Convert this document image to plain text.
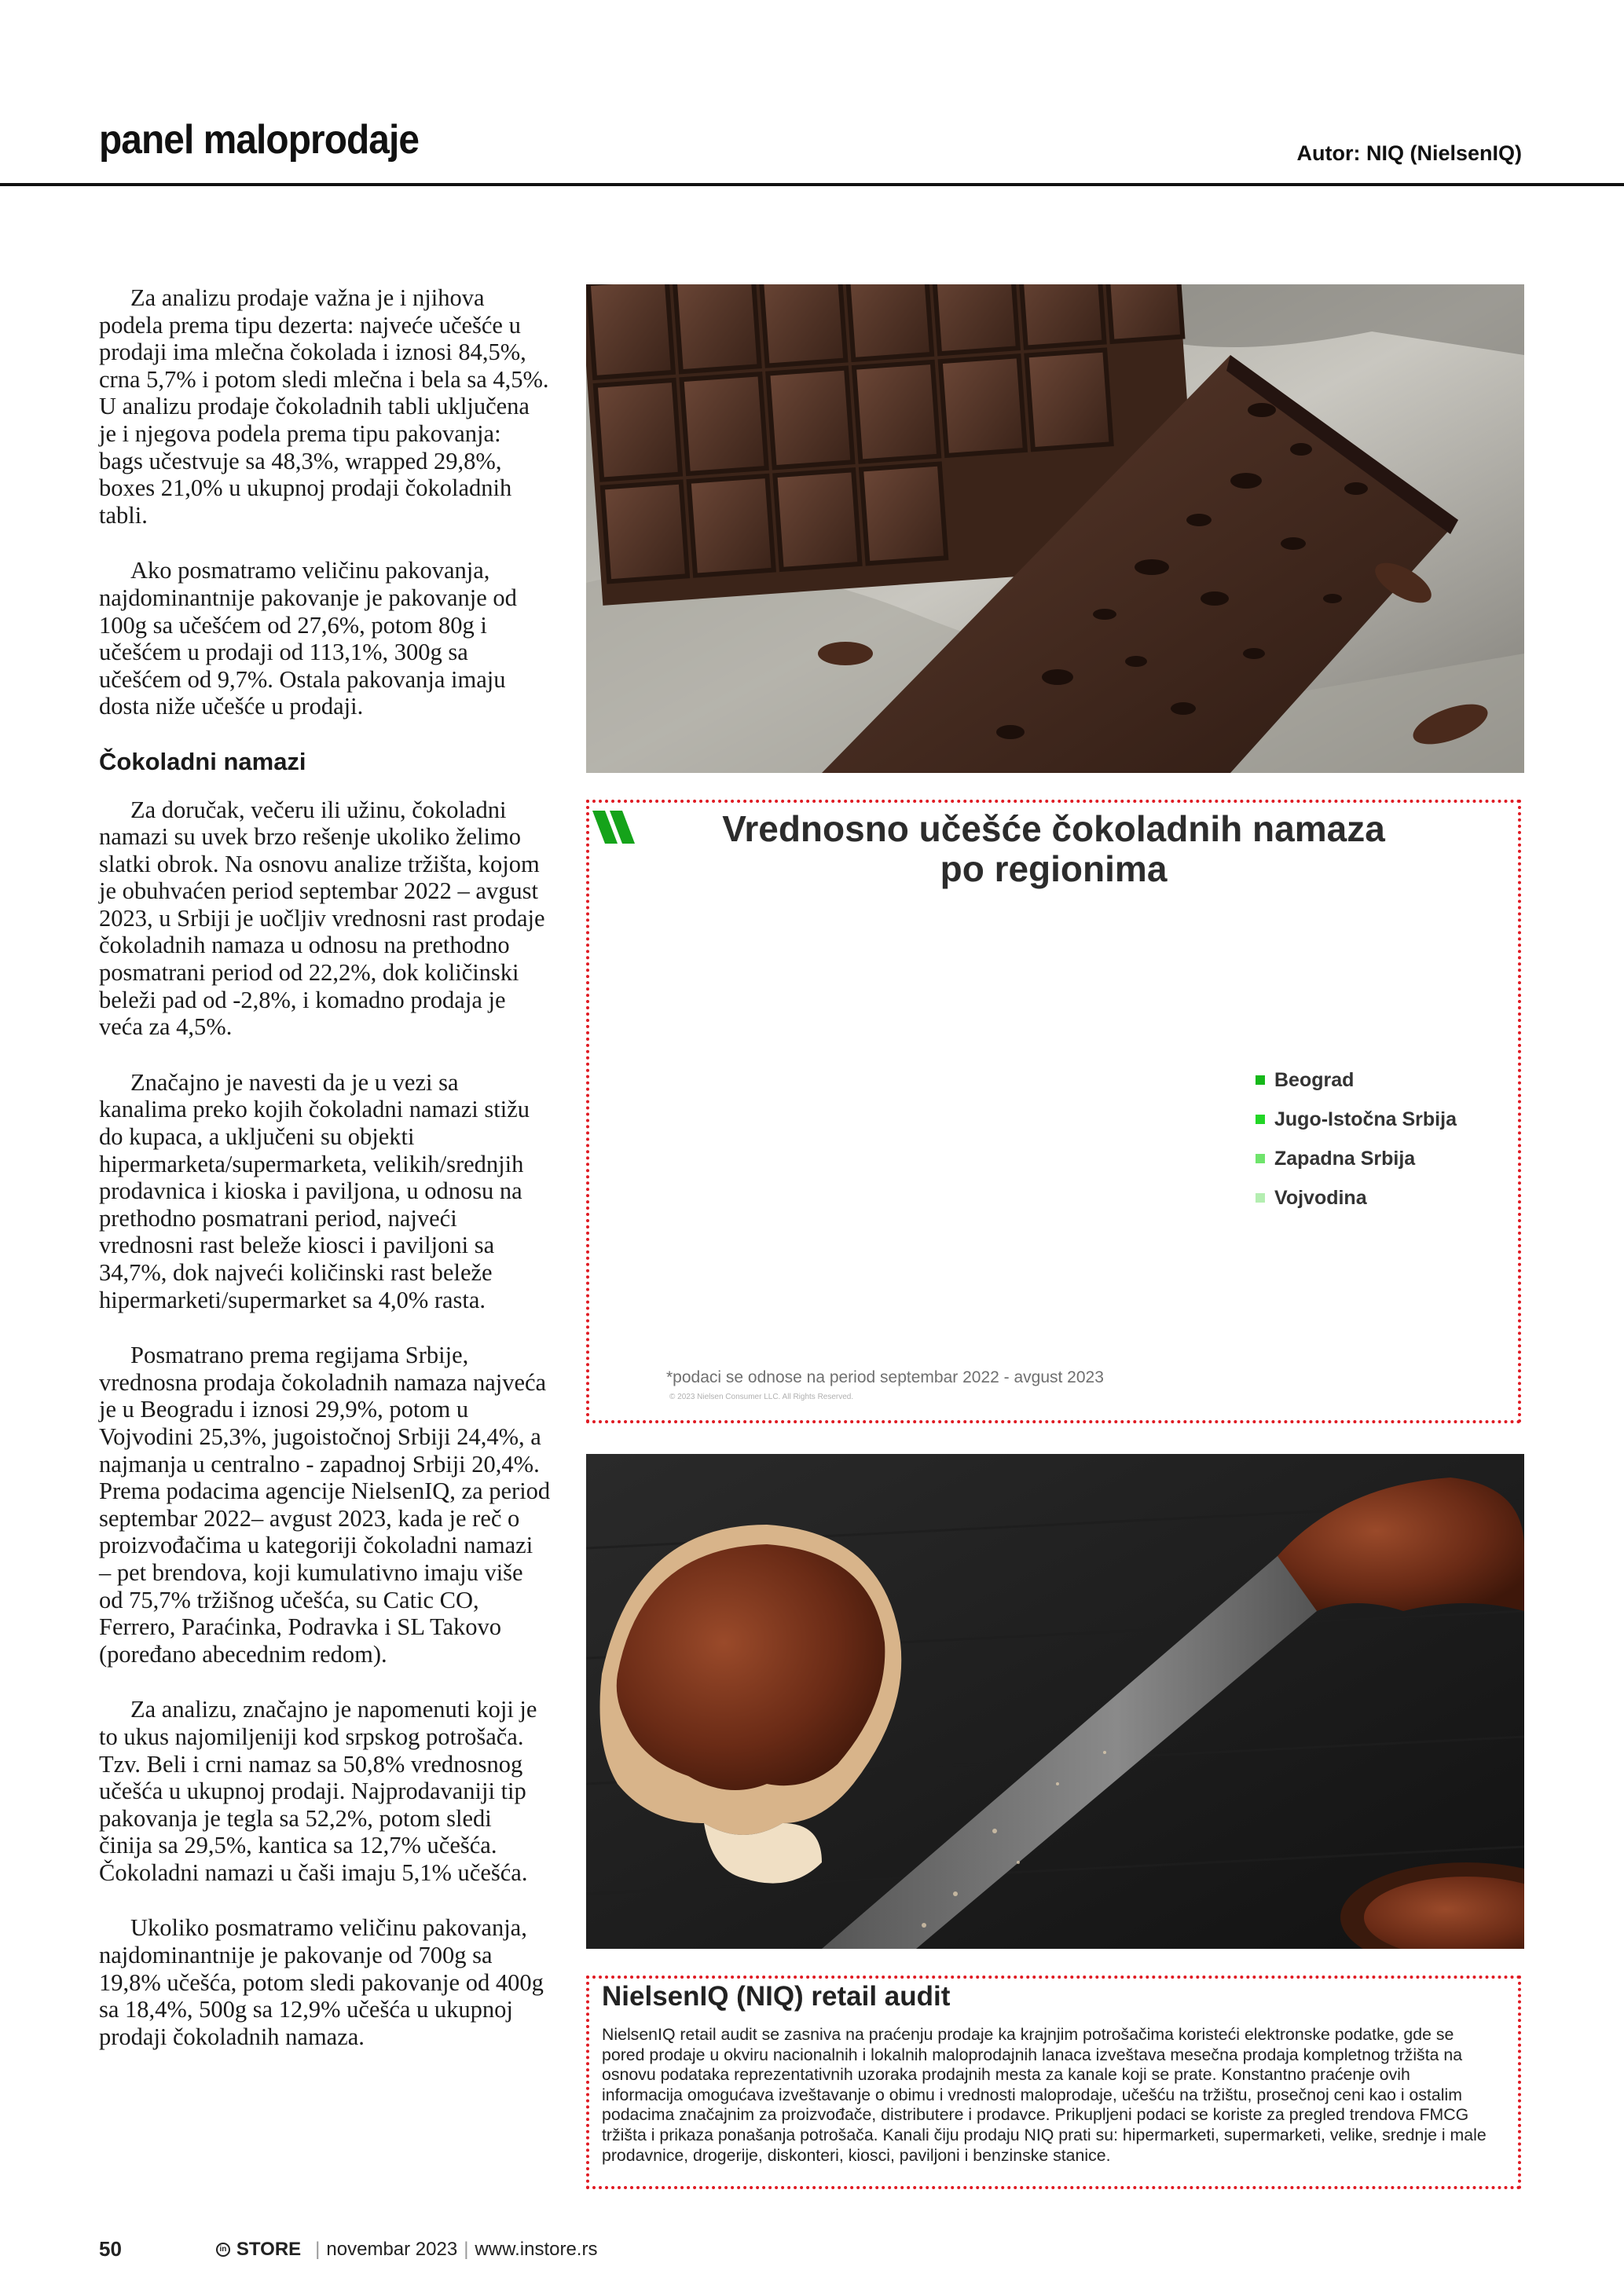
panel maloprodaje	Autor: NIQ (NielsenIQ)

Za analizu prodaje važna je i njihova podela prema tipu dezerta: najveće učešće u prodaji ima mlečna čokolada i iznosi 84,5%, crna 5,7% i potom sledi mlečna i bela sa 4,5%. U analizu prodaje čokoladnih tabli uključena je i njegova podela prema tipu pakovanja: bags učestvuje sa 48,3%, wrapped 29,8%, boxes 21,0% u ukupnoj prodaji čokoladnih tabli.

Ako posmatramo veličinu pakovanja, najdominantnije pakovanje je pakovanje od 100g sa učešćem od 27,6%, potom 80g i učešćem u prodaji od 113,1%, 300g sa učešćem od 9,7%. Ostala pakovanja imaju dosta niže učešće u prodaji.

Čokoladni namazi

Za doručak, večeru ili užinu, čokoladni namazi su uvek brzo rešenje ukoliko želimo slatki obrok. Na osnovu analize tržišta, kojom je obuhvaćen period septembar 2022 – avgust 2023, u Srbiji je uočljiv vrednosni rast prodaje čokoladnih namaza u odnosu na prethodno posmatrani period od 22,2%, dok količinski beleži pad od -2,8%, i komadno prodaja je veća za 4,5%.

Značajno je navesti da je u vezi sa kanalima preko kojih čokoladni namazi stižu do kupaca, a uključeni su objekti hipermarketa/supermarketa, velikih/srednjih prodavnica i kioska i paviljona, u odnosu na prethodno posmatrani period, najveći vrednosni rast beleže kiosci i paviljoni sa 34,7%, dok najveći količinski rast beleže hipermarketi/supermarket sa 4,0% rasta.

Posmatrano prema regijama Srbije, vrednosna prodaja čokoladnih namaza najveća je u Beogradu i iznosi 29,9%, potom u Vojvodini 25,3%, jugoistočnoj Srbiji 24,4%, a najmanja u centralno - zapadnoj Srbiji 20,4%. Prema podacima agencije NielsenIQ, za period septembar 2022– avgust 2023, kada je reč o proizvođačima u kategoriji čokoladni namazi – pet brendova, koji kumulativno imaju više od 75,7% tržišnog učešća, su Catic CO, Ferrero, Paraćinka, Podravka i SL Takovo (poređano abecednim redom).

Za analizu, značajno je napomenuti koji je to ukus najomiljeniji kod srpskog potrošača. Tzv. Beli i crni namaz sa 50,8% vrednosnog učešća u ukupnoj prodaji. Najprodavaniji tip pakovanja je tegla sa 52,2%, potom sledi činija sa 29,5%, kantica sa 12,7% učešća. Čokoladni namazi u čaši imaju 5,1% učešća.

Ukoliko posmatramo veličinu pakovanja, najdominantnije je pakovanje od 700g sa 19,8% učešća, potom sledi pakovanje od 400g sa 18,4%, 500g sa 12,9% učešća u ukupnoj prodaji čokoladnih namaza.

Vrednosno učešće čokoladnih namaza
po regionima
Beograd
Jugo-Istočna Srbija
Zapadna Srbija
Vojvodina
*podaci se odnose na period septembar 2022 - avgust 2023
© 2023 Nielsen Consumer LLC. All Rights Reserved.
NielsenIQ (NIQ) retail audit
NielsenIQ retail audit se zasniva na praćenju prodaje ka krajnjim potrošačima koristeći elektronske podatke, gde se pored prodaje u okviru nacionalnih i lokalnih maloprodajnih lanaca izveštava mesečna prodaja kompletnog tržišta na osnovu podataka reprezentativnih uzoraka prodajnih mesta za kanale koji se prate. Konstantno praćenje ovih informacija omogućava izveštavanje o obimu i vrednosti maloprodaje, učešću na tržištu, prosečnoj ceni kao i ostalim podacima značajnim za proizvođače, distributere i prodavce. Prikupljeni podaci se koriste za pregled trendova FMCG tržišta i prikaza ponašanja potrošača. Kanali čiju prodaju NIQ prati su: hipermarketi, supermarketi, velike, srednje i male prodavnice, drogerije, diskonteri, kiosci, paviljoni i benzinske stanice.
50	in STORE | novembar 2023 | www.instore.rs
